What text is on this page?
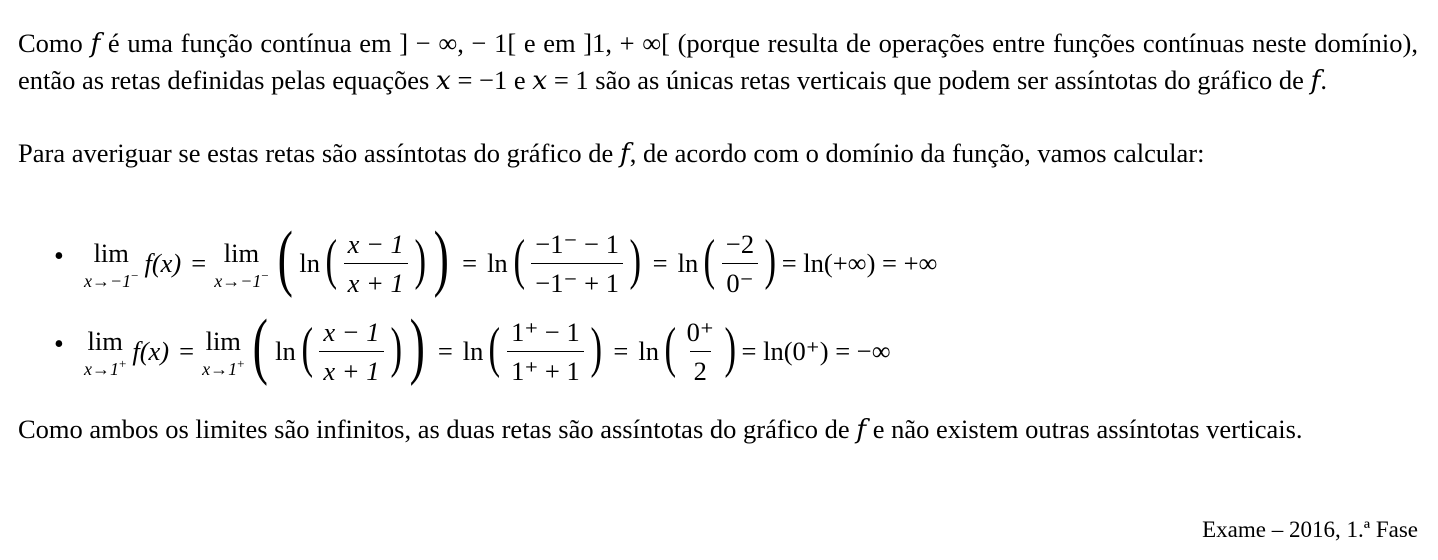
Como 𝑓 é uma função contínua em ] − ∞, − 1[ e em ]1, + ∞[ (porque resulta de operações entre funções contínuas neste domínio), então as retas definidas pelas equações 𝑥 = −1 e 𝑥 = 1 são as únicas retas verticais que podem ser assíntotas do gráfico de 𝑓.
Para averiguar se estas retas são assíntotas do gráfico de 𝑓, de acordo com o domínio da função, vamos calcular:
• lim
x→−1− f(x) = lim
x→−1− ( ln ( $\frac{x - 1}{x + 1}$ ) ) = ln ( $\frac{-1^- - 1}{-1^- + 1}$ ) = ln ( $\frac{-2}{0^-}$ ) = ln(+∞) = +∞
• lim
x→1+ f(x) = lim
x→1+ ( ln ( $\frac{x - 1}{x + 1}$ ) ) = ln ( $\frac{1^+ - 1}{1^+ + 1}$ ) = ln ( $\frac{0^+}{2}$ ) = ln(0⁺) = −∞
Como ambos os limites são infinitos, as duas retas são assíntotas do gráfico de 𝑓 e não existem outras assíntotas verticais.
Exame – 2016, 1.ª Fase
